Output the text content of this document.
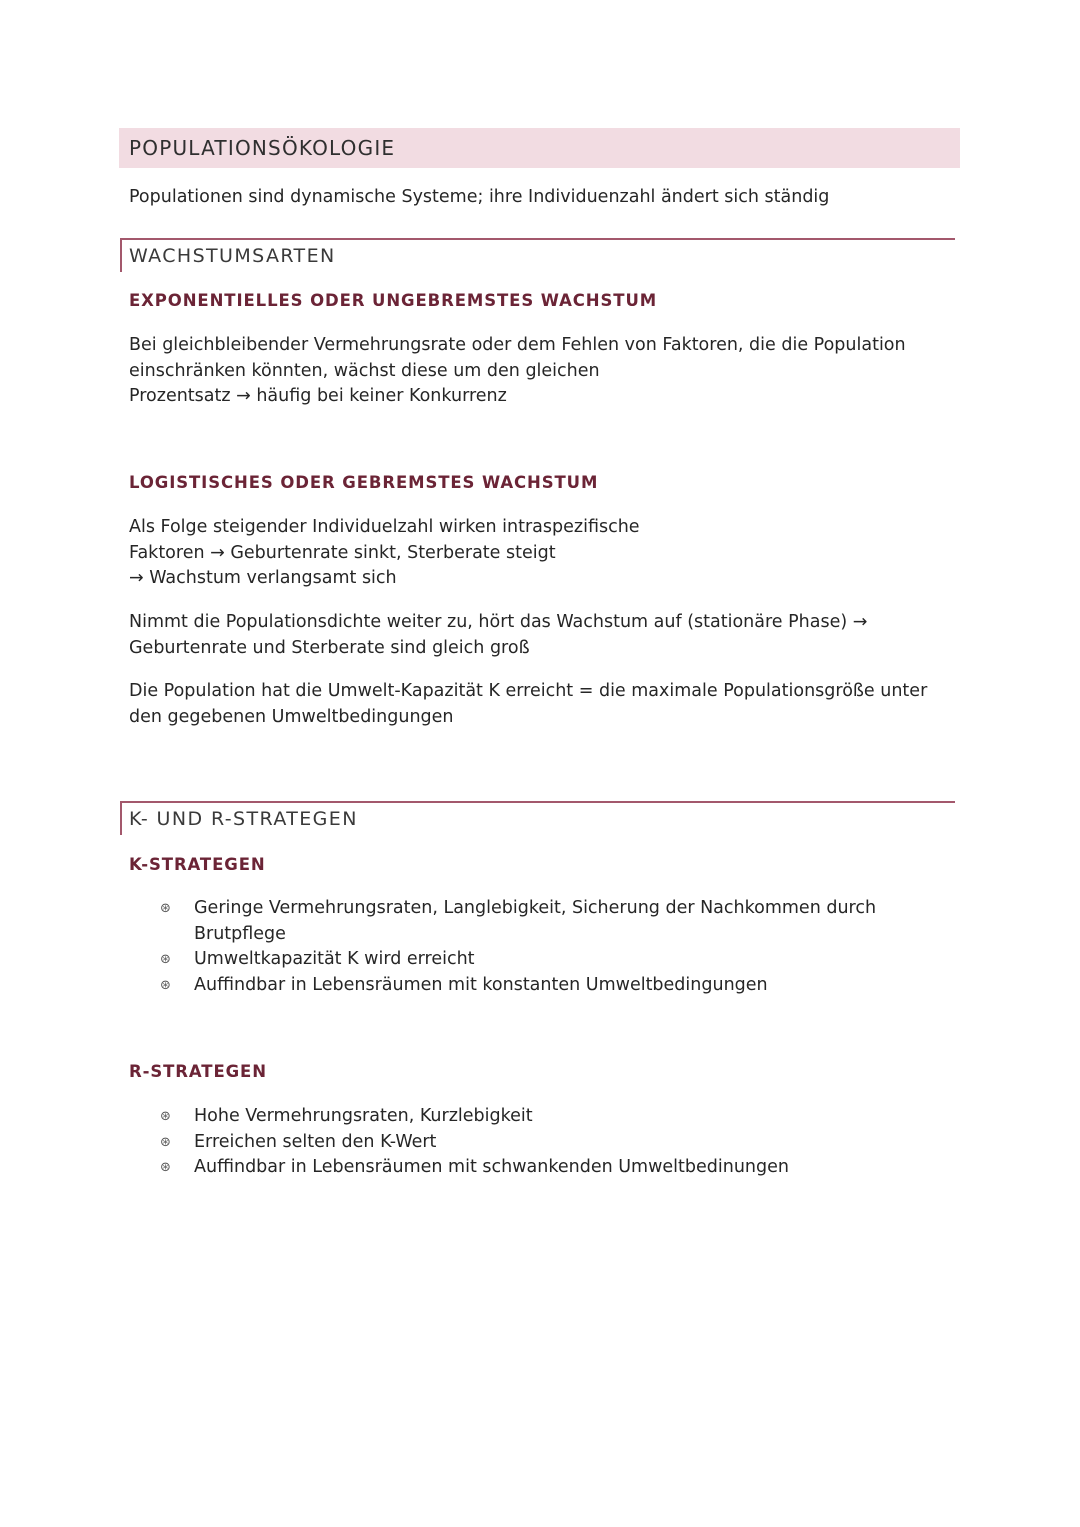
POPULATIONSÖKOLOGIE
Populationen sind dynamische Systeme; ihre Individuenzahl ändert sich ständig
WACHSTUMSARTEN
EXPONENTIELLES ODER UNGEBREMSTES WACHSTUM
Bei gleichbleibender Vermehrungsrate oder dem Fehlen von Faktoren, die die Population
einschränken könnten, wächst diese um den gleichen
Prozentsatz → häufig bei keiner Konkurrenz
LOGISTISCHES ODER GEBREMSTES WACHSTUM
Als Folge steigender Individuelzahl wirken intraspezifische
Faktoren → Geburtenrate sinkt, Sterberate steigt
→ Wachstum verlangsamt sich
Nimmt die Populationsdichte weiter zu, hört das Wachstum auf (stationäre Phase) →
Geburtenrate und Sterberate sind gleich groß
Die Population hat die Umwelt-Kapazität K erreicht = die maximale Populationsgröße unter
den gegebenen Umweltbedingungen
K- UND R-STRATEGEN
K-STRATEGEN
⊛ Geringe Vermehrungsraten, Langlebigkeit, Sicherung der Nachkommen durch
Brutpflege
⊛ Umweltkapazität K wird erreicht
⊛ Auffindbar in Lebensräumen mit konstanten Umweltbedingungen
R-STRATEGEN
⊛ Hohe Vermehrungsraten, Kurzlebigkeit
⊛ Erreichen selten den K-Wert
⊛ Auffindbar in Lebensräumen mit schwankenden Umweltbedinungen
